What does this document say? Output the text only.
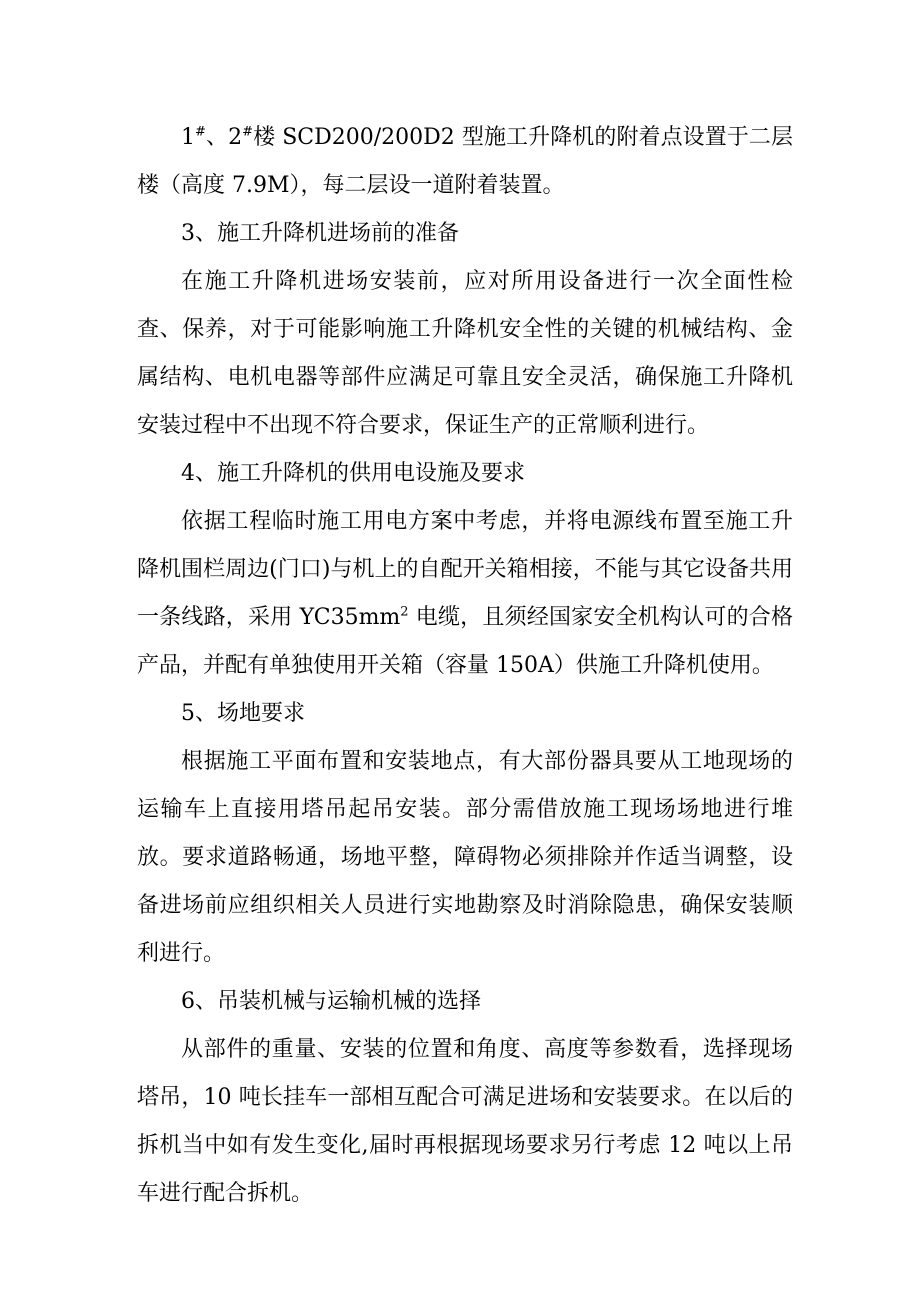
1#、2#楼 SCD200/200D2 型施工升降机的附着点设置于二层楼（高度 7.9M），每二层设一道附着装置。

3、施工升降机进场前的准备

在施工升降机进场安装前，应对所用设备进行一次全面性检查、保养，对于可能影响施工升降机安全性的关键的机械结构、金属结构、电机电器等部件应满足可靠且安全灵活，确保施工升降机安装过程中不出现不符合要求，保证生产的正常顺利进行。

4、施工升降机的供用电设施及要求

依据工程临时施工用电方案中考虑，并将电源线布置至施工升降机围栏周边(门口)与机上的自配开关箱相接，不能与其它设备共用一条线路，采用 $YC35mm^2$ 电缆，且须经国家安全机构认可的合格产品，并配有单独使用开关箱（容量 150A）供施工升降机使用。

5、场地要求

根据施工平面布置和安装地点，有大部份器具要从工地现场的运输车上直接用塔吊起吊安装。部分需借放施工现场场地进行堆放。要求道路畅通，场地平整，障碍物必须排除并作适当调整，设备进场前应组织相关人员进行实地勘察及时消除隐患，确保安装顺利进行。

6、吊装机械与运输机械的选择

从部件的重量、安装的位置和角度、高度等参数看，选择现场塔吊，10 吨长挂车一部相互配合可满足进场和安装要求。在以后的拆机当中如有发生变化,届时再根据现场要求另行考虑 12 吨以上吊车进行配合拆机。
